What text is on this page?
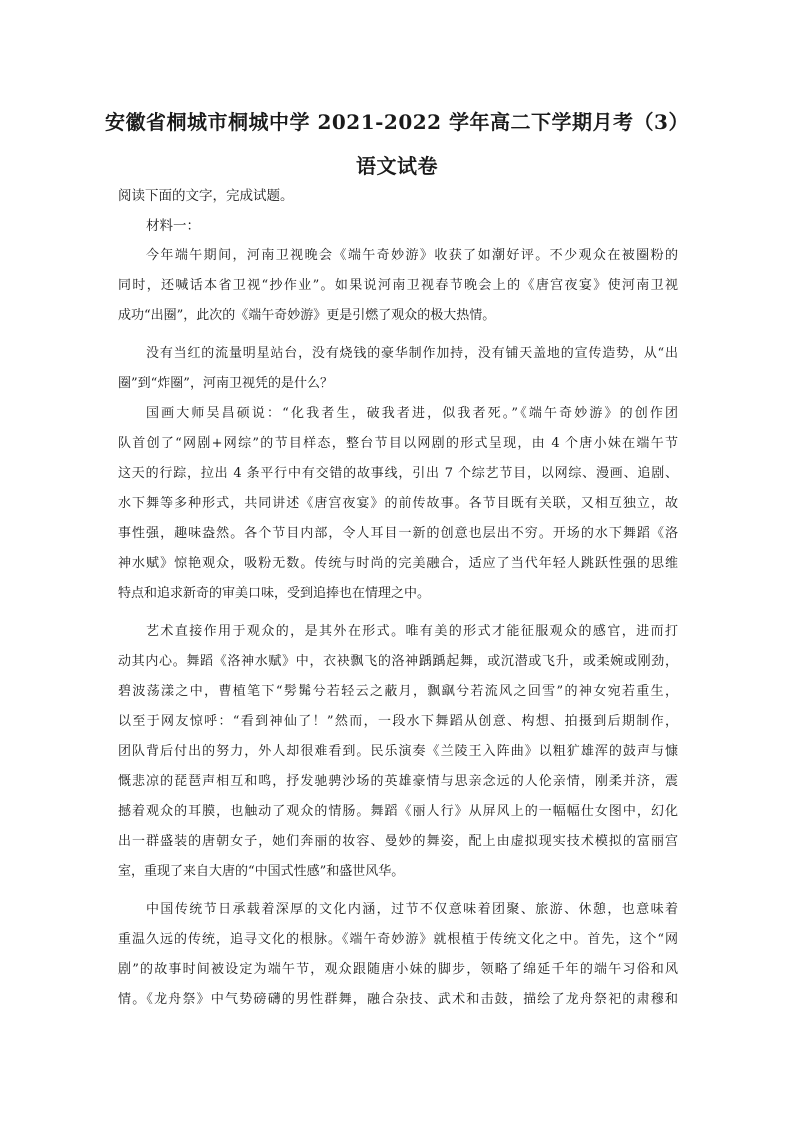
安徽省桐城市桐城中学 2021-2022 学年高二下学期月考（3）
语文试卷
阅读下面的文字，完成试题。
材料一：
今年端午期间，河南卫视晚会《端午奇妙游》收获了如潮好评。不少观众在被圈粉的
同时，还喊话本省卫视“抄作业”。如果说河南卫视春节晚会上的《唐宫夜宴》使河南卫视
成功“出圈”，此次的《端午奇妙游》更是引燃了观众的极大热情。
没有当红的流量明星站台，没有烧钱的豪华制作加持，没有铺天盖地的宣传造势，从“出
圈”到“炸圈”，河南卫视凭的是什么？
国画大师吴昌硕说：“化我者生，破我者进，似我者死。”《端午奇妙游》的创作团
队首创了“网剧+网综”的节目样态，整台节目以网剧的形式呈现，由 4 个唐小妹在端午节
这天的行踪，拉出 4 条平行中有交错的故事线，引出 7 个综艺节目，以网综、漫画、追剧、
水下舞等多种形式，共同讲述《唐宫夜宴》的前传故事。各节目既有关联，又相互独立，故
事性强，趣味盎然。各个节目内部，令人耳目一新的创意也层出不穷。开场的水下舞蹈《洛
神水赋》惊艳观众，吸粉无数。传统与时尚的完美融合，适应了当代年轻人跳跃性强的思维
特点和追求新奇的审美口味，受到追捧也在情理之中。
艺术直接作用于观众的，是其外在形式。唯有美的形式才能征服观众的感官，进而打
动其内心。舞蹈《洛神水赋》中，衣袂飘飞的洛神踽踽起舞，或沉潜或飞升，或柔婉或刚劲，
碧波荡漾之中，曹植笔下“髣髴兮若轻云之蔽月，飘飖兮若流风之回雪”的神女宛若重生，
以至于网友惊呼：“看到神仙了！”然而，一段水下舞蹈从创意、构想、拍摄到后期制作，
团队背后付出的努力，外人却很难看到。民乐演奏《兰陵王入阵曲》以粗犷雄浑的鼓声与慷
慨悲凉的琵琶声相互和鸣，抒发驰骋沙场的英雄豪情与思亲念远的人伦亲情，刚柔并济，震
撼着观众的耳膜，也触动了观众的情肠。舞蹈《丽人行》从屏风上的一幅幅仕女图中，幻化
出一群盛装的唐朝女子，她们奔丽的妆容、曼妙的舞姿，配上由虚拟现实技术模拟的富丽宫
室，重现了来自大唐的“中国式性感”和盛世风华。
中国传统节日承载着深厚的文化内涵，过节不仅意味着团聚、旅游、休憩，也意味着
重温久远的传统，追寻文化的根脉。《端午奇妙游》就根植于传统文化之中。首先，这个“网
剧”的故事时间被设定为端午节，观众跟随唐小妹的脚步，领略了绵延千年的端午习俗和风
情。《龙舟祭》中气势磅礴的男性群舞，融合杂技、武术和击鼓，描绘了龙舟祭祀的肃穆和
